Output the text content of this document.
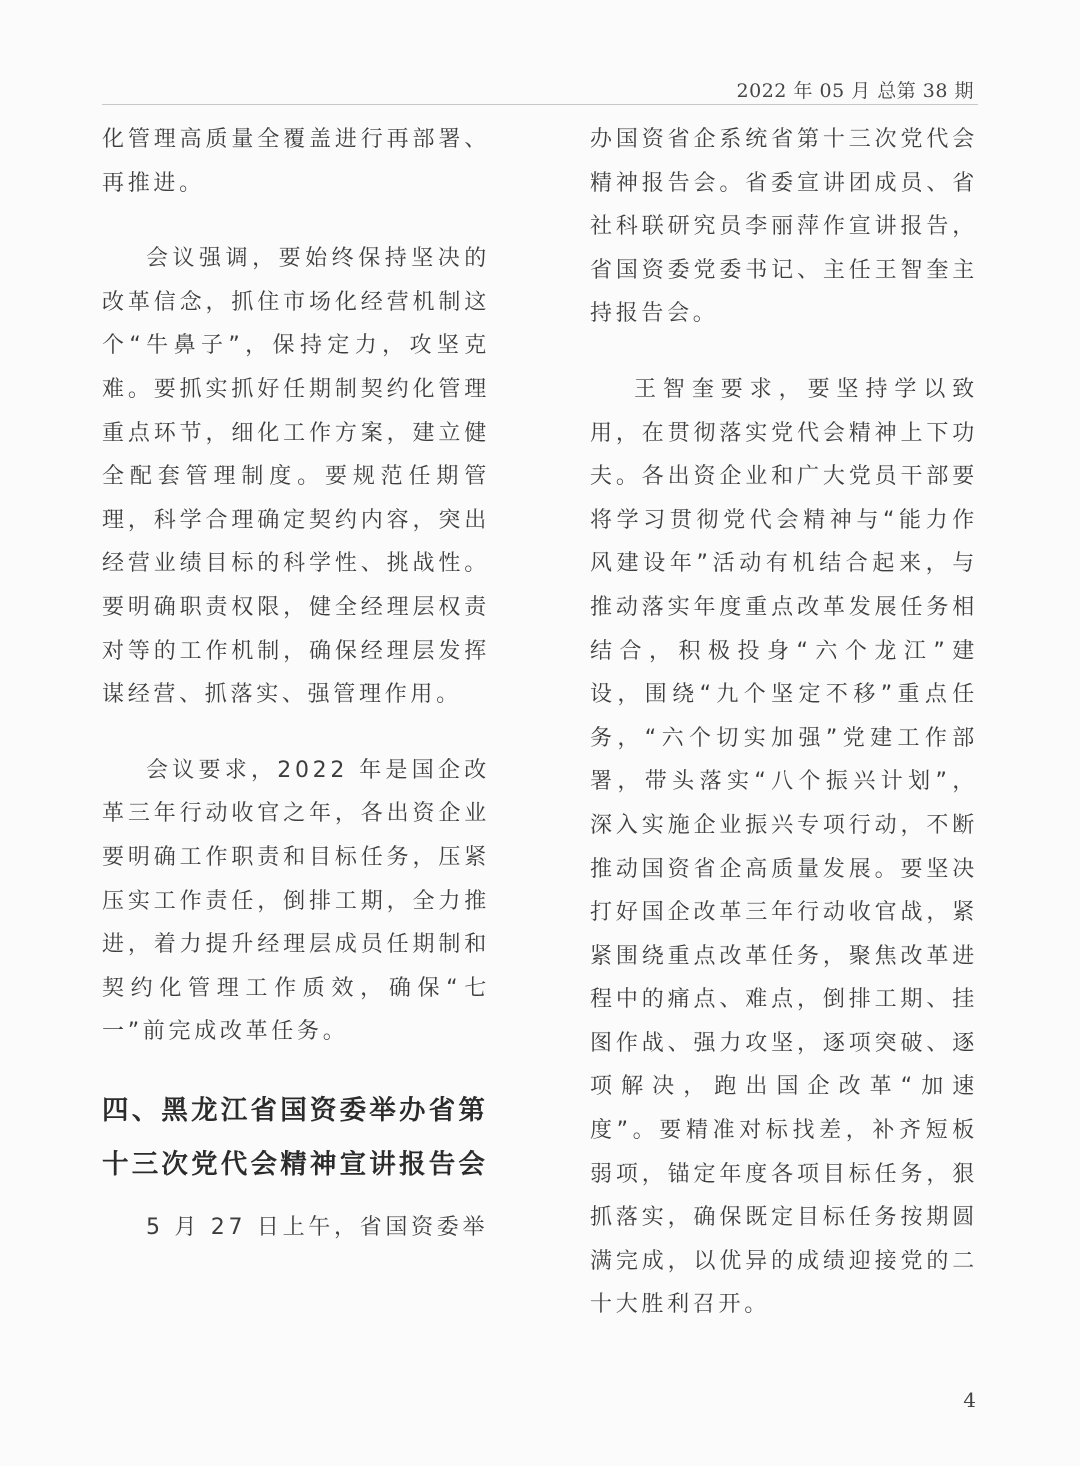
2022 年 05 月 总第 38 期

化管理高质量全覆盖进行再部署、再推进。

会议强调，要始终保持坚决的改革信念，抓住市场化经营机制这个“牛鼻子”，保持定力，攻坚克难。要抓实抓好任期制契约化管理重点环节，细化工作方案，建立健全配套管理制度。要规范任期管理，科学合理确定契约内容，突出经营业绩目标的科学性、挑战性。要明确职责权限，健全经理层权责对等的工作机制，确保经理层发挥谋经营、抓落实、强管理作用。

会议要求，2022 年是国企改革三年行动收官之年，各出资企业要明确工作职责和目标任务，压紧压实工作责任，倒排工期，全力推进，着力提升经理层成员任期制和契约化管理工作质效，确保“七一”前完成改革任务。

四、黑龙江省国资委举办省第十三次党代会精神宣讲报告会

5 月 27 日上午，省国资委举

办国资省企系统省第十三次党代会精神报告会。省委宣讲团成员、省社科联研究员李丽萍作宣讲报告，省国资委党委书记、主任王智奎主持报告会。

王智奎要求，要坚持学以致用，在贯彻落实党代会精神上下功夫。各出资企业和广大党员干部要将学习贯彻党代会精神与“能力作风建设年”活动有机结合起来，与推动落实年度重点改革发展任务相结合，积极投身“六个龙江”建设，围绕“九个坚定不移”重点任务，“六个切实加强”党建工作部署，带头落实“八个振兴计划”，深入实施企业振兴专项行动，不断推动国资省企高质量发展。要坚决打好国企改革三年行动收官战，紧紧围绕重点改革任务，聚焦改革进程中的痛点、难点，倒排工期、挂图作战、强力攻坚，逐项突破、逐项解决，跑出国企改革“加速度”。要精准对标找差，补齐短板弱项，锚定年度各项目标任务，狠抓落实，确保既定目标任务按期圆满完成，以优异的成绩迎接党的二十大胜利召开。

4
